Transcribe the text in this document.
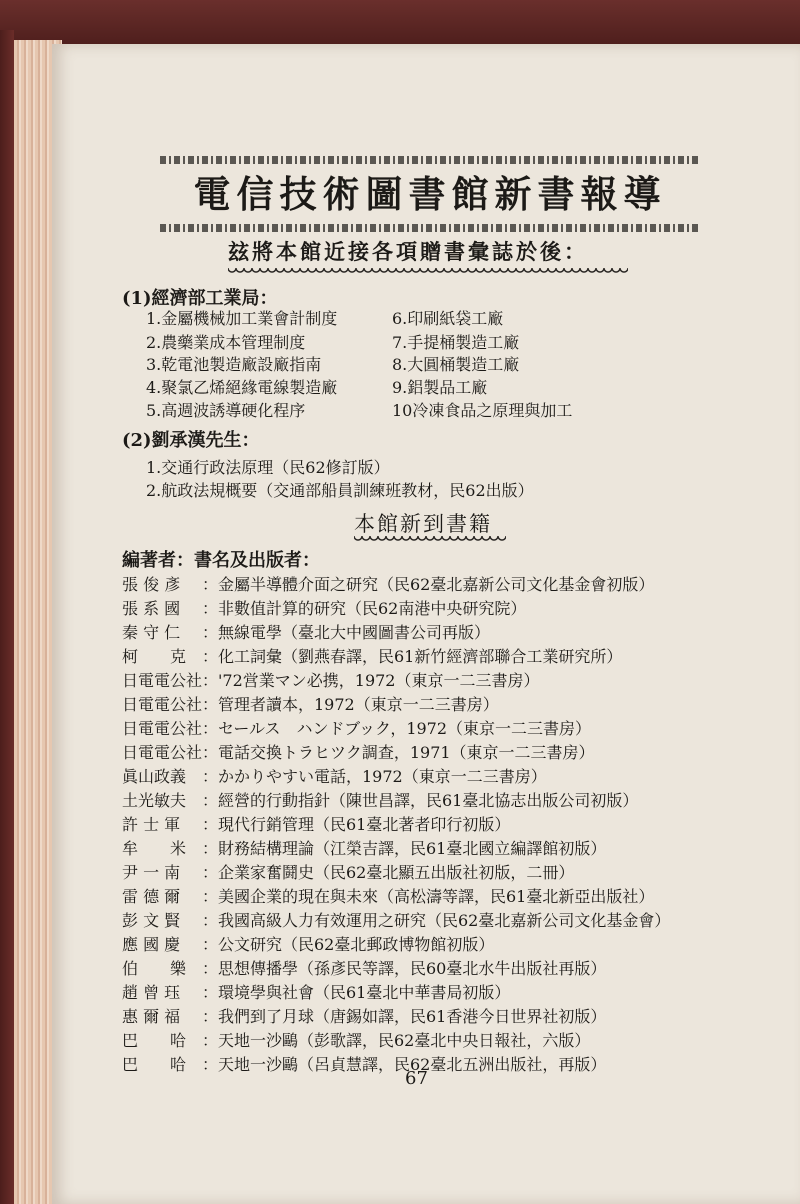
電信技術圖書館新書報導
玆將本館近接各項贈書彙誌於後：
(1)經濟部工業局：
1.金屬機械加工業會計制度
2.農藥業成本管理制度
3.乾電池製造廠設廠指南
4.聚氯乙烯絕緣電線製造廠
5.高週波誘導硬化程序
6.印刷紙袋工廠
7.手提桶製造工廠
8.大圓桶製造工廠
9.鋁製品工廠
10冷凍食品之原理與加工
(2)劉承漢先生：
1.交通行政法原理（民62修訂版）
2.航政法規概要（交通部船員訓練班教材，民62出版）
本館新到書籍
編著者：書名及出版者：
張 俊 彥	：金屬半導體介面之研究（民62臺北嘉新公司文化基金會初版）
張 系 國	：非數值計算的研究（民62南港中央研究院）
秦 守 仁	：無線電學（臺北大中國圖書公司再版）
柯　　克 ：化工詞彙（劉燕春譯，民61新竹經濟部聯合工業研究所）
日電電公社 ：'72営業マン必携，1972（東京一二三書房）
日電電公社 ：管理者讀本，1972（東京一二三書房）
日電電公社 ：セールス　ハンドブック，1972（東京一二三書房）
日電電公社 ：電話交換トラヒツク調查，1971（東京一二三書房）
眞山政義 ：かかりやすい電話，1972（東京一二三書房）
土光敏夫 ：經營的行動指針（陳世昌譯，民61臺北協志出版公司初版）
許 士 軍	：現代行銷管理（民61臺北著者印行初版）
牟　　米 ：財務結構理論（江榮吉譯，民61臺北國立編譯館初版）
尹 一 南	：企業家奮鬪史（民62臺北顯五出版社初版，二冊）
雷 德 爾	：美國企業的現在與未來（高松濤等譯，民61臺北新亞出版社）
彭 文 賢	：我國高級人力有效運用之研究（民62臺北嘉新公司文化基金會）
應 國 慶	：公文研究（民62臺北郵政博物館初版）
伯　　樂 ：思想傳播學（孫彥民等譯，民60臺北水牛出版社再版）
趙 曾 珏	：環境學與社會（民61臺北中華書局初版）
惠 爾 福	：我們到了月球（唐錫如譯，民61香港今日世界社初版）
巴　　哈 ：天地一沙鷗（彭歌譯，民62臺北中央日報社，六版）
巴　　哈 ：天地一沙鷗（呂貞慧譯，民62臺北五洲出版社，再版）
67
